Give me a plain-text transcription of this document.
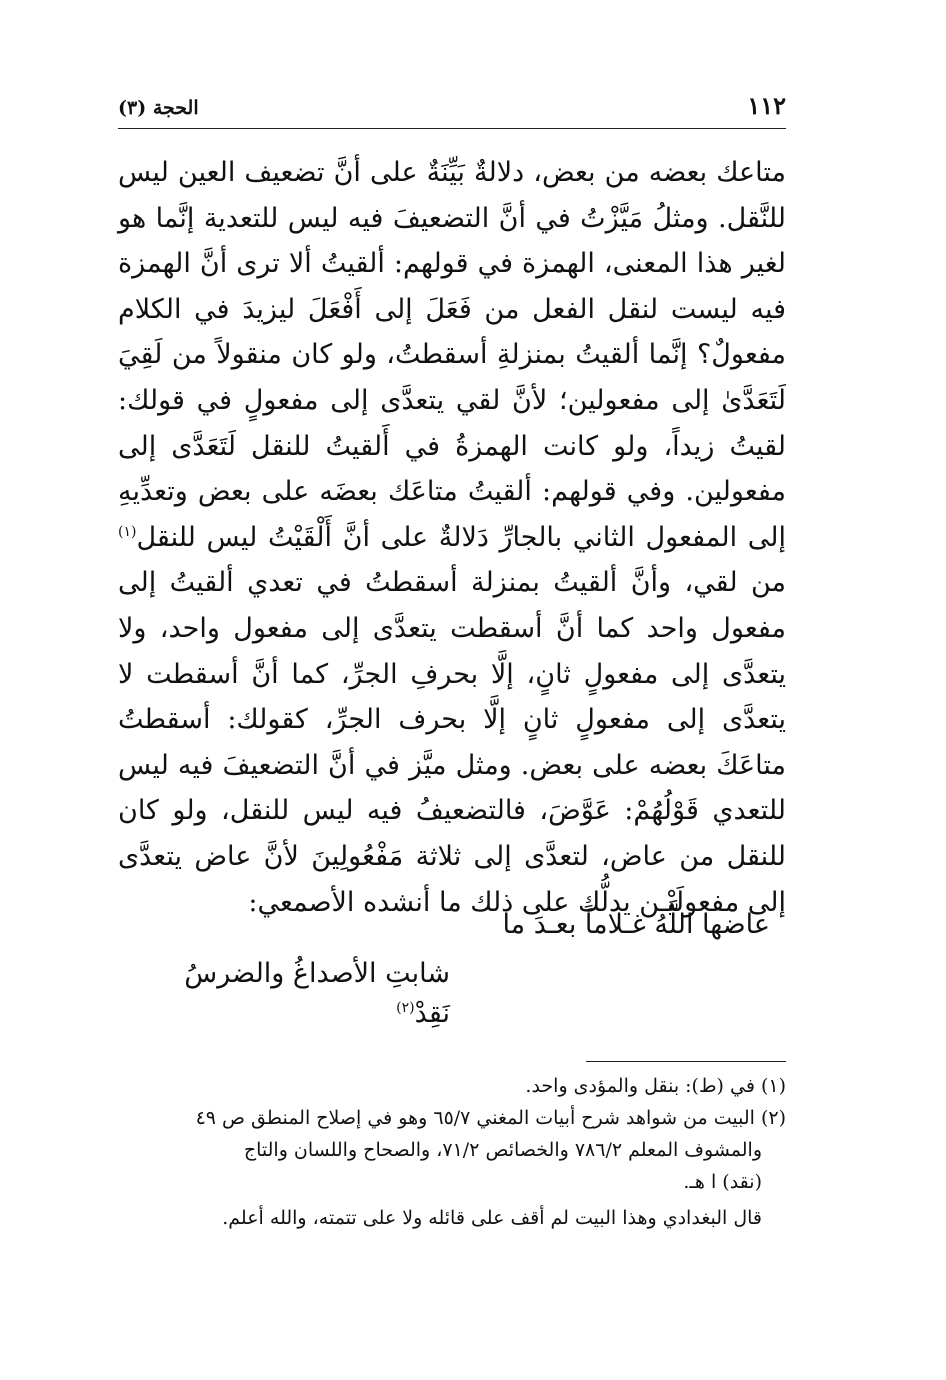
١١٢
الحجة (٣)

متاعك بعضه من بعض، دلالةٌ بَيِّنَةٌ على أنَّ تضعيف العين ليس للنَّقل. ومثلُ مَيَّزْتُ في أنَّ التضعيفَ فيه ليس للتعدية إنَّما هو لغير هذا المعنى، الهمزة في قولهم: ألقيتُ ألا ترى أنَّ الهمزة فيه ليست لنقل الفعل من فَعَلَ إلى أَفْعَلَ ليزيدَ في الكلام مفعولٌ؟ إنَّما ألقيتُ بمنزلةِ أسقطتُ، ولو كان منقولاً من لَقِيَ لَتَعَدَّىٰ إلى مفعولين؛ لأنَّ لقي يتعدَّى إلى مفعولٍ في قولك: لقيتُ زيداً، ولو كانت الهمزةُ في أَلقيتُ للنقل لَتَعَدَّى إلى مفعولين. وفي قولهم: ألقيتُ متاعَك بعضَه على بعض وتعدِّيهِ إلى المفعول الثاني بالجارِّ دَلالةٌ على أنَّ أَلْقَيْتُ ليس للنقل$^{(١)}$ من لقي، وأنَّ ألقيتُ بمنزلة أسقطتُ في تعدي ألقيتُ إلى مفعول واحد كما أنَّ أسقطت يتعدَّى إلى مفعول واحد، ولا يتعدَّى إلى مفعولٍ ثانٍ، إلَّا بحرفِ الجرِّ، كما أنَّ أسقطت لا يتعدَّى إلى مفعولٍ ثانٍ إلَّا بحرف الجرِّ، كقولك: أسقطتُ متاعَكَ بعضه على بعض. ومثل ميَّز في أنَّ التضعيفَ فيه ليس للتعدي قَوْلُهُمْ: عَوَّضَ، فالتضعيفُ فيه ليس للنقل، ولو كان للنقل من عاض، لتعدَّى إلى ثلاثة مَفْعُولِينَ لأنَّ عاض يتعدَّى إلى مفعولَيْـن يدلُّك على ذلك ما أنشده الأصمعي:

عاضها اللَّهُ غـلاماً بعـدَ ما
شابتِ الأصداغُ والضرسُ نَقِدْ$^{(٢)}$

(١) في (ط): بنقل والمؤدى واحد.

(٢) البيت من شواهد شرح أبيات المغني ٦٥/٧ وهو في إصلاح المنطق ص ٤٩

والمشوف المعلم ٧٨٦/٢ والخصائص ٧١/٢، والصحاح واللسان والتاج

(نقد) ا هـ.

قال البغدادي وهذا البيت لم أقف على قائله ولا على تتمته، والله أعلم.
